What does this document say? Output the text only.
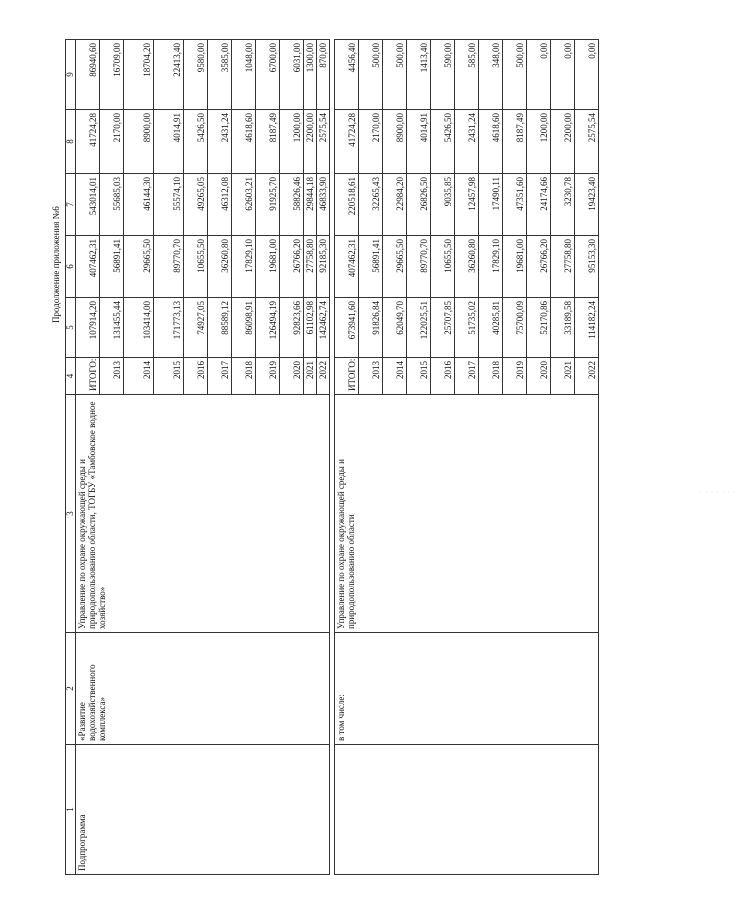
· · · · · · ·
Продолжение приложения №6
1	2	3	4	5	6	7	8	9
Подпрограмма	«Развитие водохозяйственного комплекса»	Управление по охране окружающей среды и природопользованию области, ТОГБУ «Тамбовское водное хозяйство»	ИТОГО:	107914,20	407462,31	543014,01	41724,28	86940,60
			2013	131455,44	56891,41	55685,03	2170,00	16709,00
			2014	103414,00	29665,50	46144,30	8900,00	18704,20
			2015	171773,13	89770,70	55574,10	4014,91	22413,40
			2016	74927,05	10655,50	49265,05	5426,50	9580,00
			2017	88589,12	36260,80	46312,08	2431,24	3585,00
			2018	86098,91	17829,10	62603,21	4618,60	1048,00
			2019	126494,19	19681,00	91925,70	8187,49	6700,00
			2020	92823,66	26766,20	58826,46	1200,00	6031,00
			2021	61102,98	27758,80	29844,18	2200,00	1300,00
			2022	142462,74	92185,30	46833,90	2575,54	870,00

	в том числе:	Управление по охране окружающей среды и природопользованию области	ИТОГО:	673941,60	407462,31	220518,61	41724,28	4456,40
			2013	91826,84	56891,41	32265,43	2170,00	500,00
			2014	62049,70	29665,50	22984,20	8900,00	500,00
			2015	122025,51	89770,70	26826,50	4014,91	1413,40
			2016	25707,85	10655,50	9035,85	5426,50	590,00
			2017	51735,02	36260,80	12457,98	2431,24	585,00
			2018	40285,81	17829,10	17490,11	4618,60	348,00
			2019	75700,09	19681,00	47351,60	8187,49	500,00
			2020	52170,86	26766,20	24174,66	1200,00	0,00
			2021	33189,58	27758,80	3230,78	2200,00	0,00
			2022	114182,24	95153,30	19423,40	2575,54	0,00
